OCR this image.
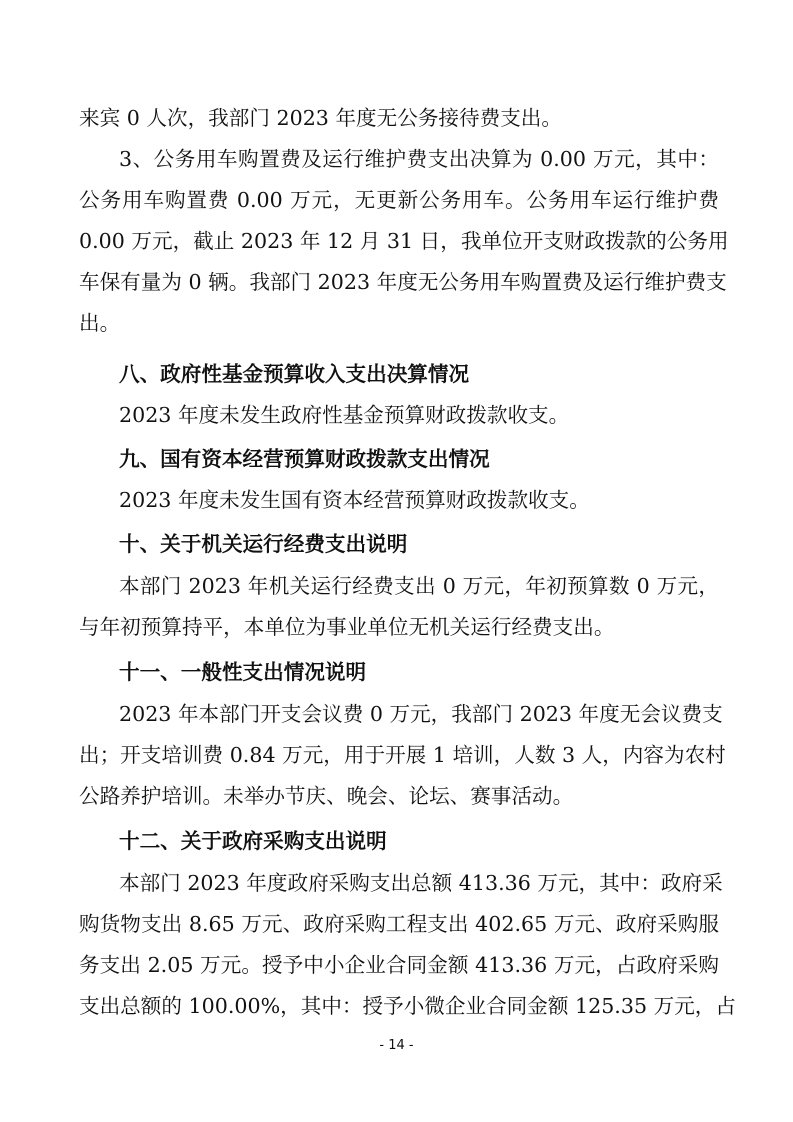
来宾 0 人次，我部门 2023 年度无公务接待费支出。
3、公务用车购置费及运行维护费支出决算为 0.00 万元，其中：
公务用车购置费 0.00 万元，无更新公务用车。公务用车运行维护费
0.00 万元，截止 2023 年 12 月 31 日，我单位开支财政拨款的公务用
车保有量为 0 辆。我部门 2023 年度无公务用车购置费及运行维护费支
出。
八、政府性基金预算收入支出决算情况
2023 年度未发生政府性基金预算财政拨款收支。
九、国有资本经营预算财政拨款支出情况
2023 年度未发生国有资本经营预算财政拨款收支。
十、关于机关运行经费支出说明
本部门 2023 年机关运行经费支出 0 万元，年初预算数 0 万元，
与年初预算持平，本单位为事业单位无机关运行经费支出。
十一、一般性支出情况说明
2023 年本部门开支会议费 0 万元，我部门 2023 年度无会议费支
出；开支培训费 0.84 万元，用于开展 1 培训，人数 3 人，内容为农村
公路养护培训。未举办节庆、晚会、论坛、赛事活动。
十二、关于政府采购支出说明
本部门 2023 年度政府采购支出总额 413.36 万元，其中：政府采
购货物支出 8.65 万元、政府采购工程支出 402.65 万元、政府采购服
务支出 2.05 万元。授予中小企业合同金额 413.36 万元，占政府采购
支出总额的 100.00%，其中：授予小微企业合同金额 125.35 万元，占
- 14 -
